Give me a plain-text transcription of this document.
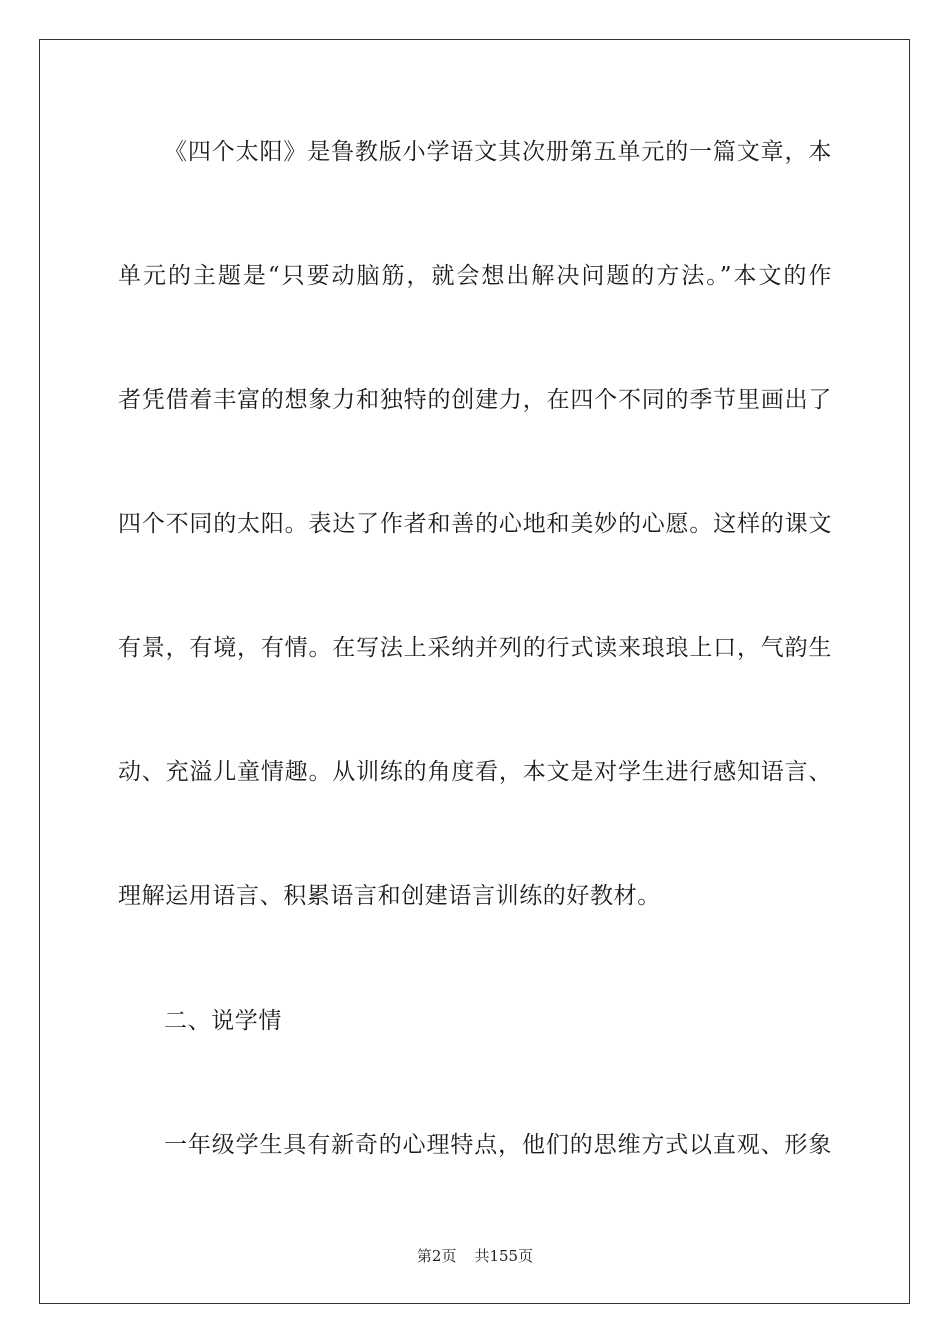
《四个太阳》是鲁教版小学语文其次册第五单元的一篇文章，本
单元的主题是“只要动脑筋，就会想出解决问题的方法。”本文的作
者凭借着丰富的想象力和独特的创建力，在四个不同的季节里画出了
四个不同的太阳。表达了作者和善的心地和美妙的心愿。这样的课文
有景，有境，有情。在写法上采纳并列的行式读来琅琅上口，气韵生
动、充溢儿童情趣。从训练的角度看，本文是对学生进行感知语言、
理解运用语言、积累语言和创建语言训练的好教材。
二、说学情
一年级学生具有新奇的心理特点，他们的思维方式以直观、形象
第2页 共155页
